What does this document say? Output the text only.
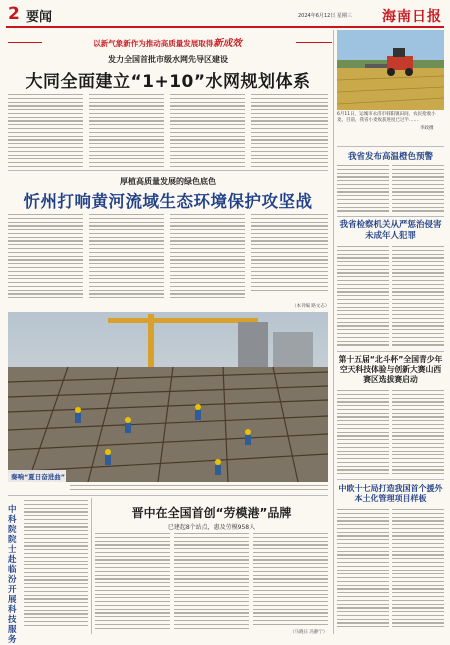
2 要闻	2024年6月12日 星期三 海南日报
以新气象新作为推动高质量发展取得新成效
发力全国首批市级水网先导区建设
大同全面建立“1+10”水网规划体系
厚植高质量发展的绿色底色
忻州打响黄河流域生态环境保护攻坚战
（本刊编 路文志）
奏响“夏日奋进曲”
中科院院士赴临汾开展科技服务
晋中在全国首创“劳模港”品牌
已建起8个站点，惠及劳模958人
（马晓日 冯静宁）
6月11日，运城市永济市韩阳镇田间，农民抢收小麦。目前，我省小麦收获进度已过半……
李政摄
我省发布高温橙色预警
我省检察机关从严惩治侵害未成年人犯罪
第十五届“北斗杯”全国青少年空天科技体验与创新大赛山西赛区选拔赛启动
中欧十七局打造我国首个援外本土化管理项目样板
